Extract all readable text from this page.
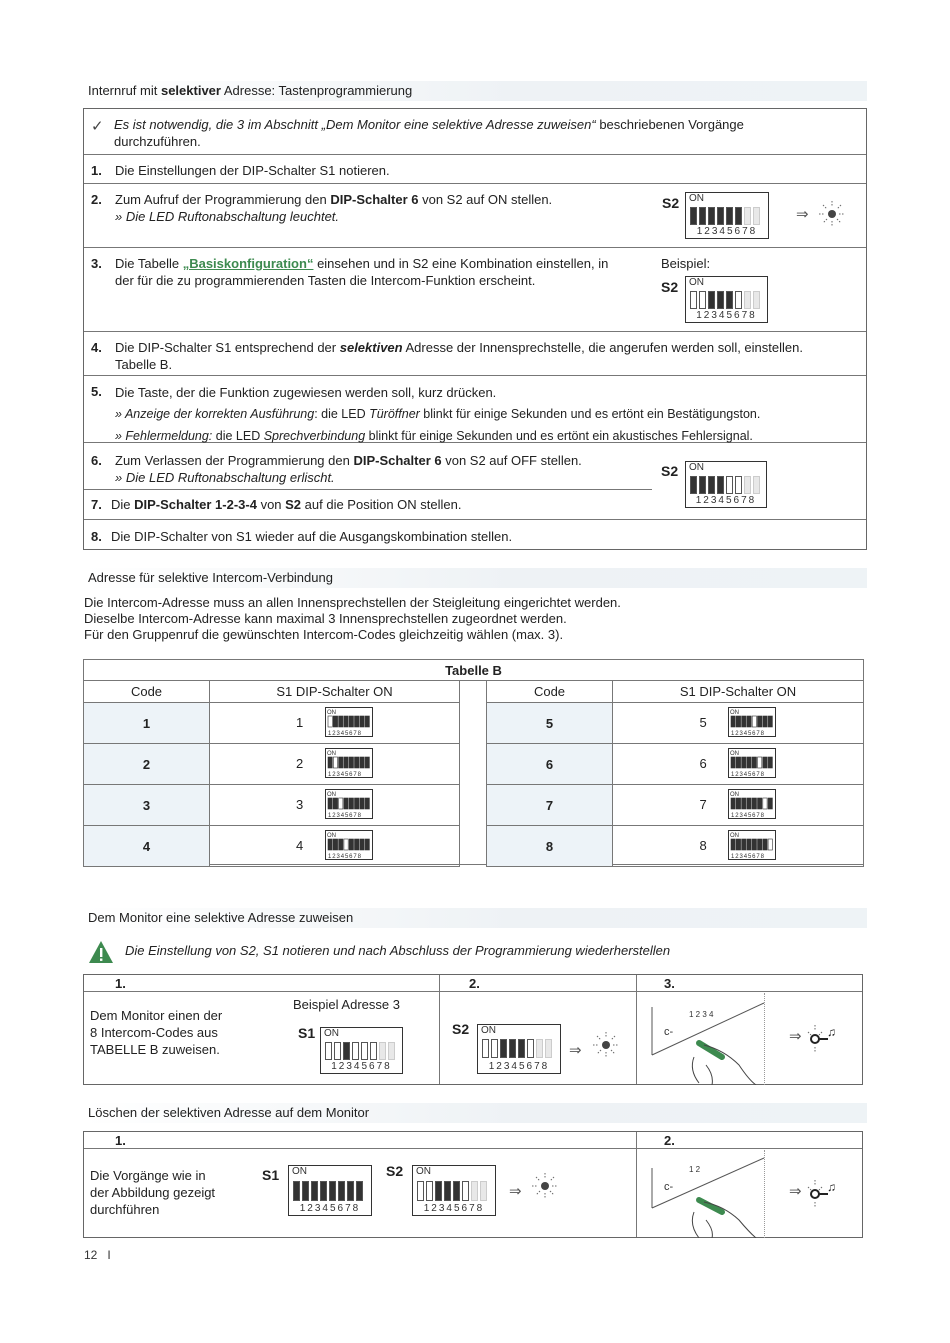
Internruf mit selektiver Adresse: Tastenprogrammierung
✓ Es ist notwendig, die 3 im Abschnitt „Dem Monitor eine selektive Adresse zuweisen“ beschriebenen Vorgänge
durchzuführen.
1. Die Einstellungen der DIP-Schalter S1 notieren.
2. Zum Aufruf der Programmierung den DIP-Schalter 6 von S2 auf ON stellen.
» Die LED Ruftonabschaltung leuchtet.
S2 ON
12345678
⇒
3. Die Tabelle „Basiskonfiguration“ einsehen und in S2 eine Kombination einstellen, in
der für die zu programmierenden Tasten die Intercom-Funktion erscheint.
Beispiel:
S2 ON
12345678
4. Die DIP-Schalter S1 entsprechend der selektiven Adresse der Innensprechstelle, die angerufen werden soll, einstellen.
Tabelle B.
5. Die Taste, der die Funktion zugewiesen werden soll, kurz drücken.
» Anzeige der korrekten Ausführung: die LED Türöffner blinkt für einige Sekunden und es ertönt ein Bestätigungston.
» Fehlermeldung: die LED Sprechverbindung blinkt für einige Sekunden und es ertönt ein akustisches Fehlersignal.
6. Zum Verlassen der Programmierung den DIP-Schalter 6 von S2 auf OFF stellen.
» Die LED Ruftonabschaltung erlischt.
7. Die DIP-Schalter 1-2-3-4 von S2 auf die Position ON stellen.
S2 ON
12345678
8. Die DIP-Schalter von S1 wieder auf die Ausgangskombination stellen.
Adresse für selektive Intercom-Verbindung
Die Intercom-Adresse muss an allen Innensprechstellen der Steigleitung eingerichtet werden.
Dieselbe Intercom-Adresse kann maximal 3 Innensprechstellen zugeordnet werden.
Für den Gruppenruf die gewünschten Intercom-Codes gleichzeitig wählen (max. 3).
Tabelle B
Code	S1 DIP-Schalter ON
1	1
ON
12345678

2	2
ON
12345678

3	3
ON
12345678

4	4
ON
12345678
Code	S1 DIP-Schalter ON
5	5
ON
12345678

6	6
ON
12345678

7	7
ON
12345678

8	8
ON
12345678
Dem Monitor eine selektive Adresse zuweisen
Die Einstellung von S2, S1 notieren und nach Abschluss der Programmierung wiederherstellen
1.	2.	3.
Dem Monitor einen der
8 Intercom-Codes aus
TABELLE B zuweisen.
Beispiel Adresse 3
S1 ON
12345678
S2 ON
12345678
⇒
c-
1 2 3 4
⇒ ♫
Löschen der selektiven Adresse auf dem Monitor
1.	2.
Die Vorgänge wie in
der Abbildung gezeigt
durchführen
S1 ON
12345678
S2 ON
12345678
⇒	c-
1 2
⇒ ♫
12 I
